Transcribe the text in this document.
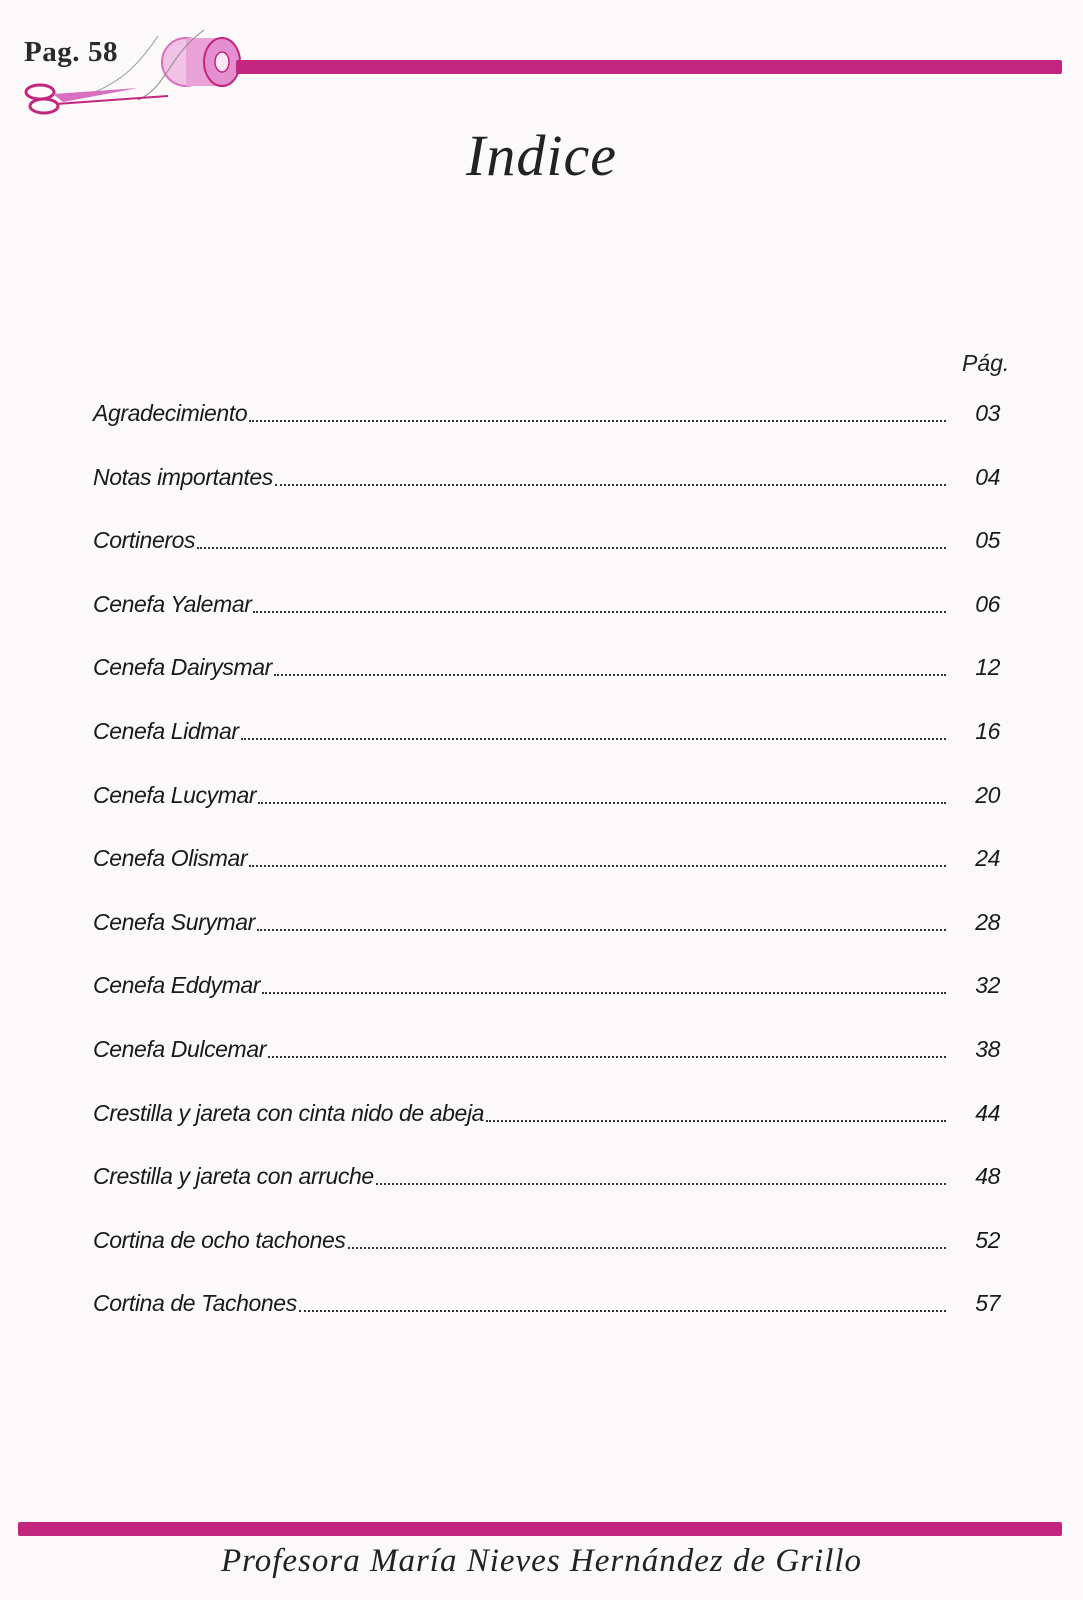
Pag. 58
Indice
Pág.
Agradecimiento	03
Notas importantes	04
Cortineros	05
Cenefa Yalemar	06
Cenefa Dairysmar	12
Cenefa Lidmar	16
Cenefa Lucymar	20
Cenefa Olismar	24
Cenefa Surymar	28
Cenefa Eddymar	32
Cenefa Dulcemar	38
Crestilla y jareta con cinta nido de abeja	44
Crestilla y jareta con arruche	48
Cortina de ocho tachones	52
Cortina de Tachones	57
Profesora María Nieves Hernández de Grillo
